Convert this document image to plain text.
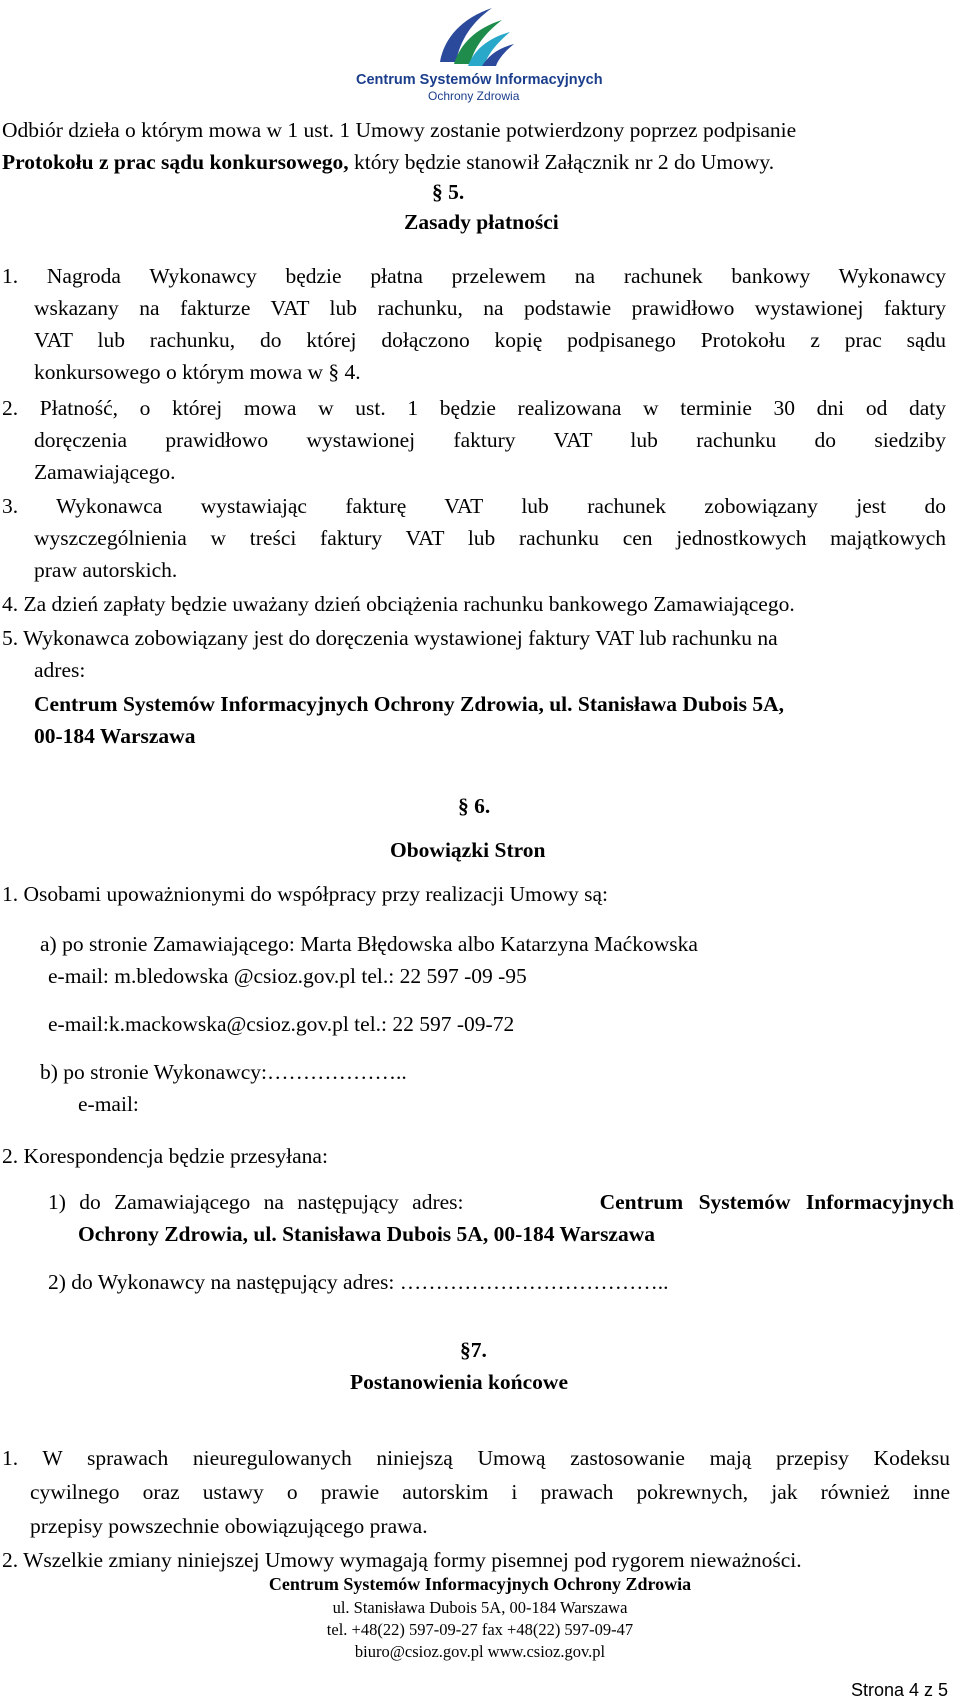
Centrum Systemów Informacyjnych
Ochrony Zdrowia
Odbiór dzieła o którym mowa w 1 ust. 1 Umowy zostanie potwierdzony poprzez podpisanie
Protokołu z prac sądu konkursowego, który będzie stanowił Załącznik nr 2 do Umowy.
§ 5.
Zasady płatności
1. Nagroda Wykonawcy będzie płatna przelewem na rachunek bankowy Wykonawcy
wskazany na fakturze VAT lub rachunku, na podstawie prawidłowo wystawionej faktury
VAT lub rachunku, do której dołączono kopię podpisanego Protokołu z prac sądu
konkursowego o którym mowa w § 4.
2. Płatność, o której mowa w ust. 1 będzie realizowana w terminie 30 dni od daty
doręczenia prawidłowo wystawionej faktury VAT lub rachunku do siedziby
Zamawiającego.
3. Wykonawca wystawiając fakturę VAT lub rachunek zobowiązany jest do
wyszczególnienia w treści faktury VAT lub rachunku cen jednostkowych majątkowych
praw autorskich.
4. Za dzień zapłaty będzie uważany dzień obciążenia rachunku bankowego Zamawiającego.
5. Wykonawca zobowiązany jest do doręczenia wystawionej faktury VAT lub rachunku na
adres:
Centrum Systemów Informacyjnych Ochrony Zdrowia, ul. Stanisława Dubois 5A,
00-184 Warszawa
§ 6.
Obowiązki Stron
1. Osobami upoważnionymi do współpracy przy realizacji Umowy są:
a) po stronie Zamawiającego: Marta Błędowska albo Katarzyna Maćkowska
e-mail: m.bledowska @csioz.gov.pl tel.: 22 597 -09 -95
e-mail:k.mackowska@csioz.gov.pl tel.: 22 597 -09-72
b) po stronie Wykonawcy:………………..
e-mail:
2. Korespondencja będzie przesyłana:
1) do Zamawiającego na następujący adres:	Centrum Systemów Informacyjnych
Ochrony Zdrowia, ul. Stanisława Dubois 5A, 00-184 Warszawa
2) do Wykonawcy na następujący adres: ………………………………..
§7.
Postanowienia końcowe
1. W sprawach nieuregulowanych niniejszą Umową zastosowanie mają przepisy Kodeksu
cywilnego oraz ustawy o prawie autorskim i prawach pokrewnych, jak również inne
przepisy powszechnie obowiązującego prawa.
2. Wszelkie zmiany niniejszej Umowy wymagają formy pisemnej pod rygorem nieważności.
Centrum Systemów Informacyjnych Ochrony Zdrowia
ul. Stanisława Dubois 5A, 00-184 Warszawa
tel. +48(22) 597-09-27 fax +48(22) 597-09-47
biuro@csioz.gov.pl www.csioz.gov.pl
Strona 4 z 5
